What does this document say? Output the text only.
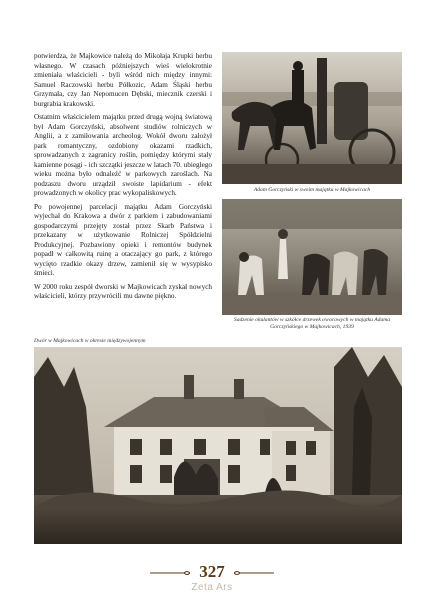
potwierdza, że Majkowice należą do Mikołaja Krupki herbu własnego. W czasach późniejszych wieś wielokrotnie zmieniała właścicieli - byli wśród nich między innymi: Samuel Raczowski herbu Półkozic, Adam Śląski herbu Grzymała, czy Jan Nepomucen Dębski, miecznik czerski i burgrabia krakowski.

Ostatnim właścicielem majątku przed drugą wojną światową był Adam Gorczyński, absolwent studiów rolniczych w Anglii, a z zamiłowania archeolog. Wokół dworu założył park romantyczny, ozdobiony okazami rzadkich, sprowadzanych z zagranicy roślin, pomiędzy którymi stały kamienne posągi - ich szczątki jeszcze w latach 70. ubiegłego wieku można było odnaleźć w parkowych zaroślach. Na podzaszu dworu urządził swoiste lapidarium - efekt prowadzonych w okolicy prac wykopaliskowych.

Po powojennej parcelacji majątku Adam Gorczyński wyjechał do Krakowa a dwór z parkiem i zabudowaniami gospodarczymi przejęty został przez Skarb Państwa i przekazany w użytkowanie Rolniczej Spółdzielni Produkcyjnej. Pozbawiony opieki i remontów budynek popadł w całkowitą ruinę a otaczający go park, z którego wycięto rzadkie okazy drzew, zamienił się w wysypisko śmieci.

W 2000 roku zespół dworski w Majkowicach zyskał nowych właścicieli, którzy przywrócili mu dawne piękno.

Adam Gorczyński w swoim majątku w Majkowicach
Sadzenie okulantów w szkółce drzewek owocowych w majątku Adama Gorczyńskiego w Majkowicach, 1939
Dwór w Majkowicach w okresie międzywojennym
327
Zeta Ars
